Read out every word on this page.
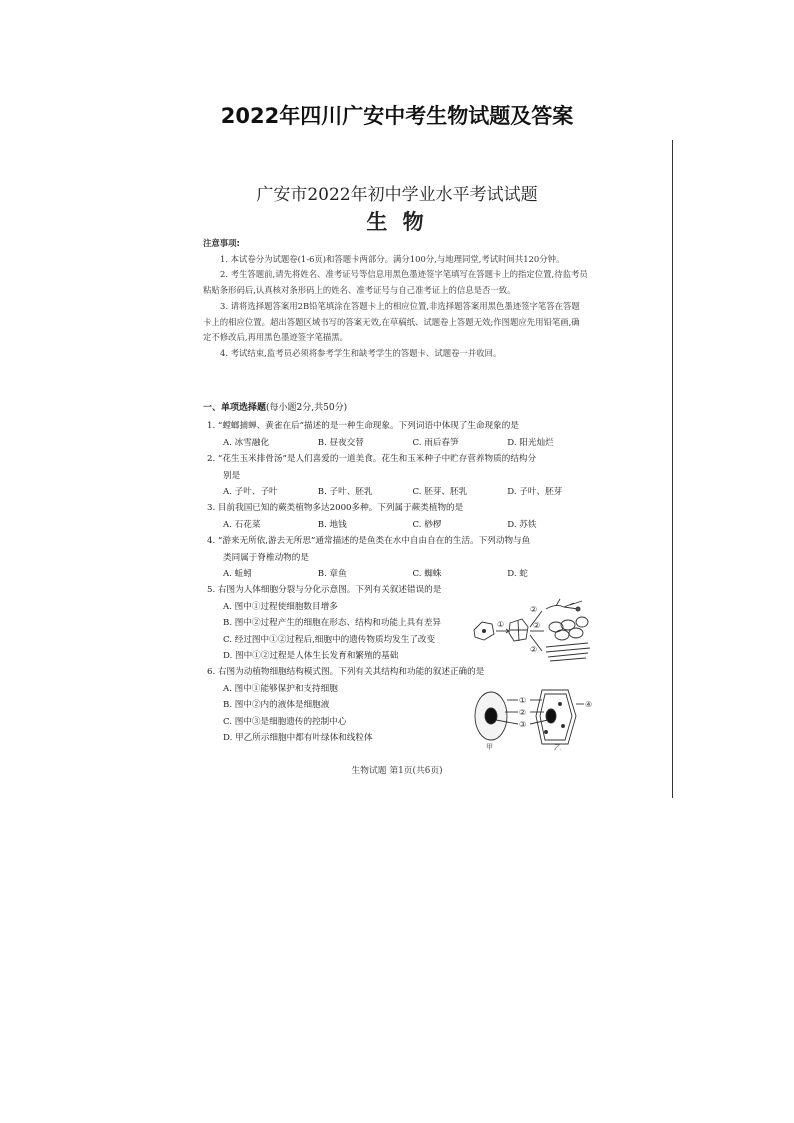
2022年四川广安中考生物试题及答案
广安市2022年初中学业水平考试试题
生 物
注意事项:

1. 本试卷分为试题卷(1-6页)和答题卡两部分。满分100分,与地理同堂,考试时间共120分钟。

2. 考生答题前,请先将姓名、准考证号等信息用黑色墨迹签字笔填写在答题卡上的指定位置,待监考员粘贴条形码后,认真核对条形码上的姓名、准考证号与自己准考证上的信息是否一致。

3. 请将选择题答案用2B铅笔填涂在答题卡上的相应位置,非选择题答案用黑色墨迹签字笔答在答题卡上的相应位置。超出答题区域书写的答案无效,在草稿纸、试题卷上答题无效;作图题应先用铅笔画,确定不修改后,再用黑色墨迹签字笔描黑。

4. 考试结束,监考员必须将参考学生和缺考学生的答题卡、试题卷一并收回。

一、单项选择题(每小题2分,共50分)

1. “螳螂捕蝉、黄雀在后”描述的是一种生命现象。下列词语中体现了生命现象的是

A. 冰雪融化	B. 昼夜交替	C. 雨后春笋	D. 阳光灿烂

2. “花生玉米排骨汤”是人们喜爱的一道美食。花生和玉米种子中贮存营养物质的结构分

别是

A. 子叶、子叶	B. 子叶、胚乳	C. 胚芽、胚乳	D. 子叶、胚芽

3. 目前我国已知的蕨类植物多达2000多种。下列属于蕨类植物的是

A. 石花菜	B. 地钱	C. 桫椤	D. 苏铁

4. “游来无所依,游去无所思”通常描述的是鱼类在水中自由自在的生活。下列动物与鱼

类同属于脊椎动物的是

A. 蚯蚓	B. 章鱼	C. 蜘蛛	D. 蛇

5. 右图为人体细胞分裂与分化示意图。下列有关叙述错误的是

A. 图中①过程使细胞数目增多

B. 图中②过程产生的细胞在形态、结构和功能上具有差异

C. 经过图中①②过程后,细胞中的遗传物质均发生了改变

D. 图中①②过程是人体生长发育和繁殖的基础

6. 右图为动植物细胞结构模式图。下列有关其结构和功能的叙述正确的是

A. 图中①能够保护和支持细胞

B. 图中②内的液体是细胞液

C. 图中③是细胞遗传的控制中心

D. 甲乙所示细胞中都有叶绿体和线粒体

①
②
②
②
①
②
③
④
甲	乙
生物试题 第1页(共6页)
